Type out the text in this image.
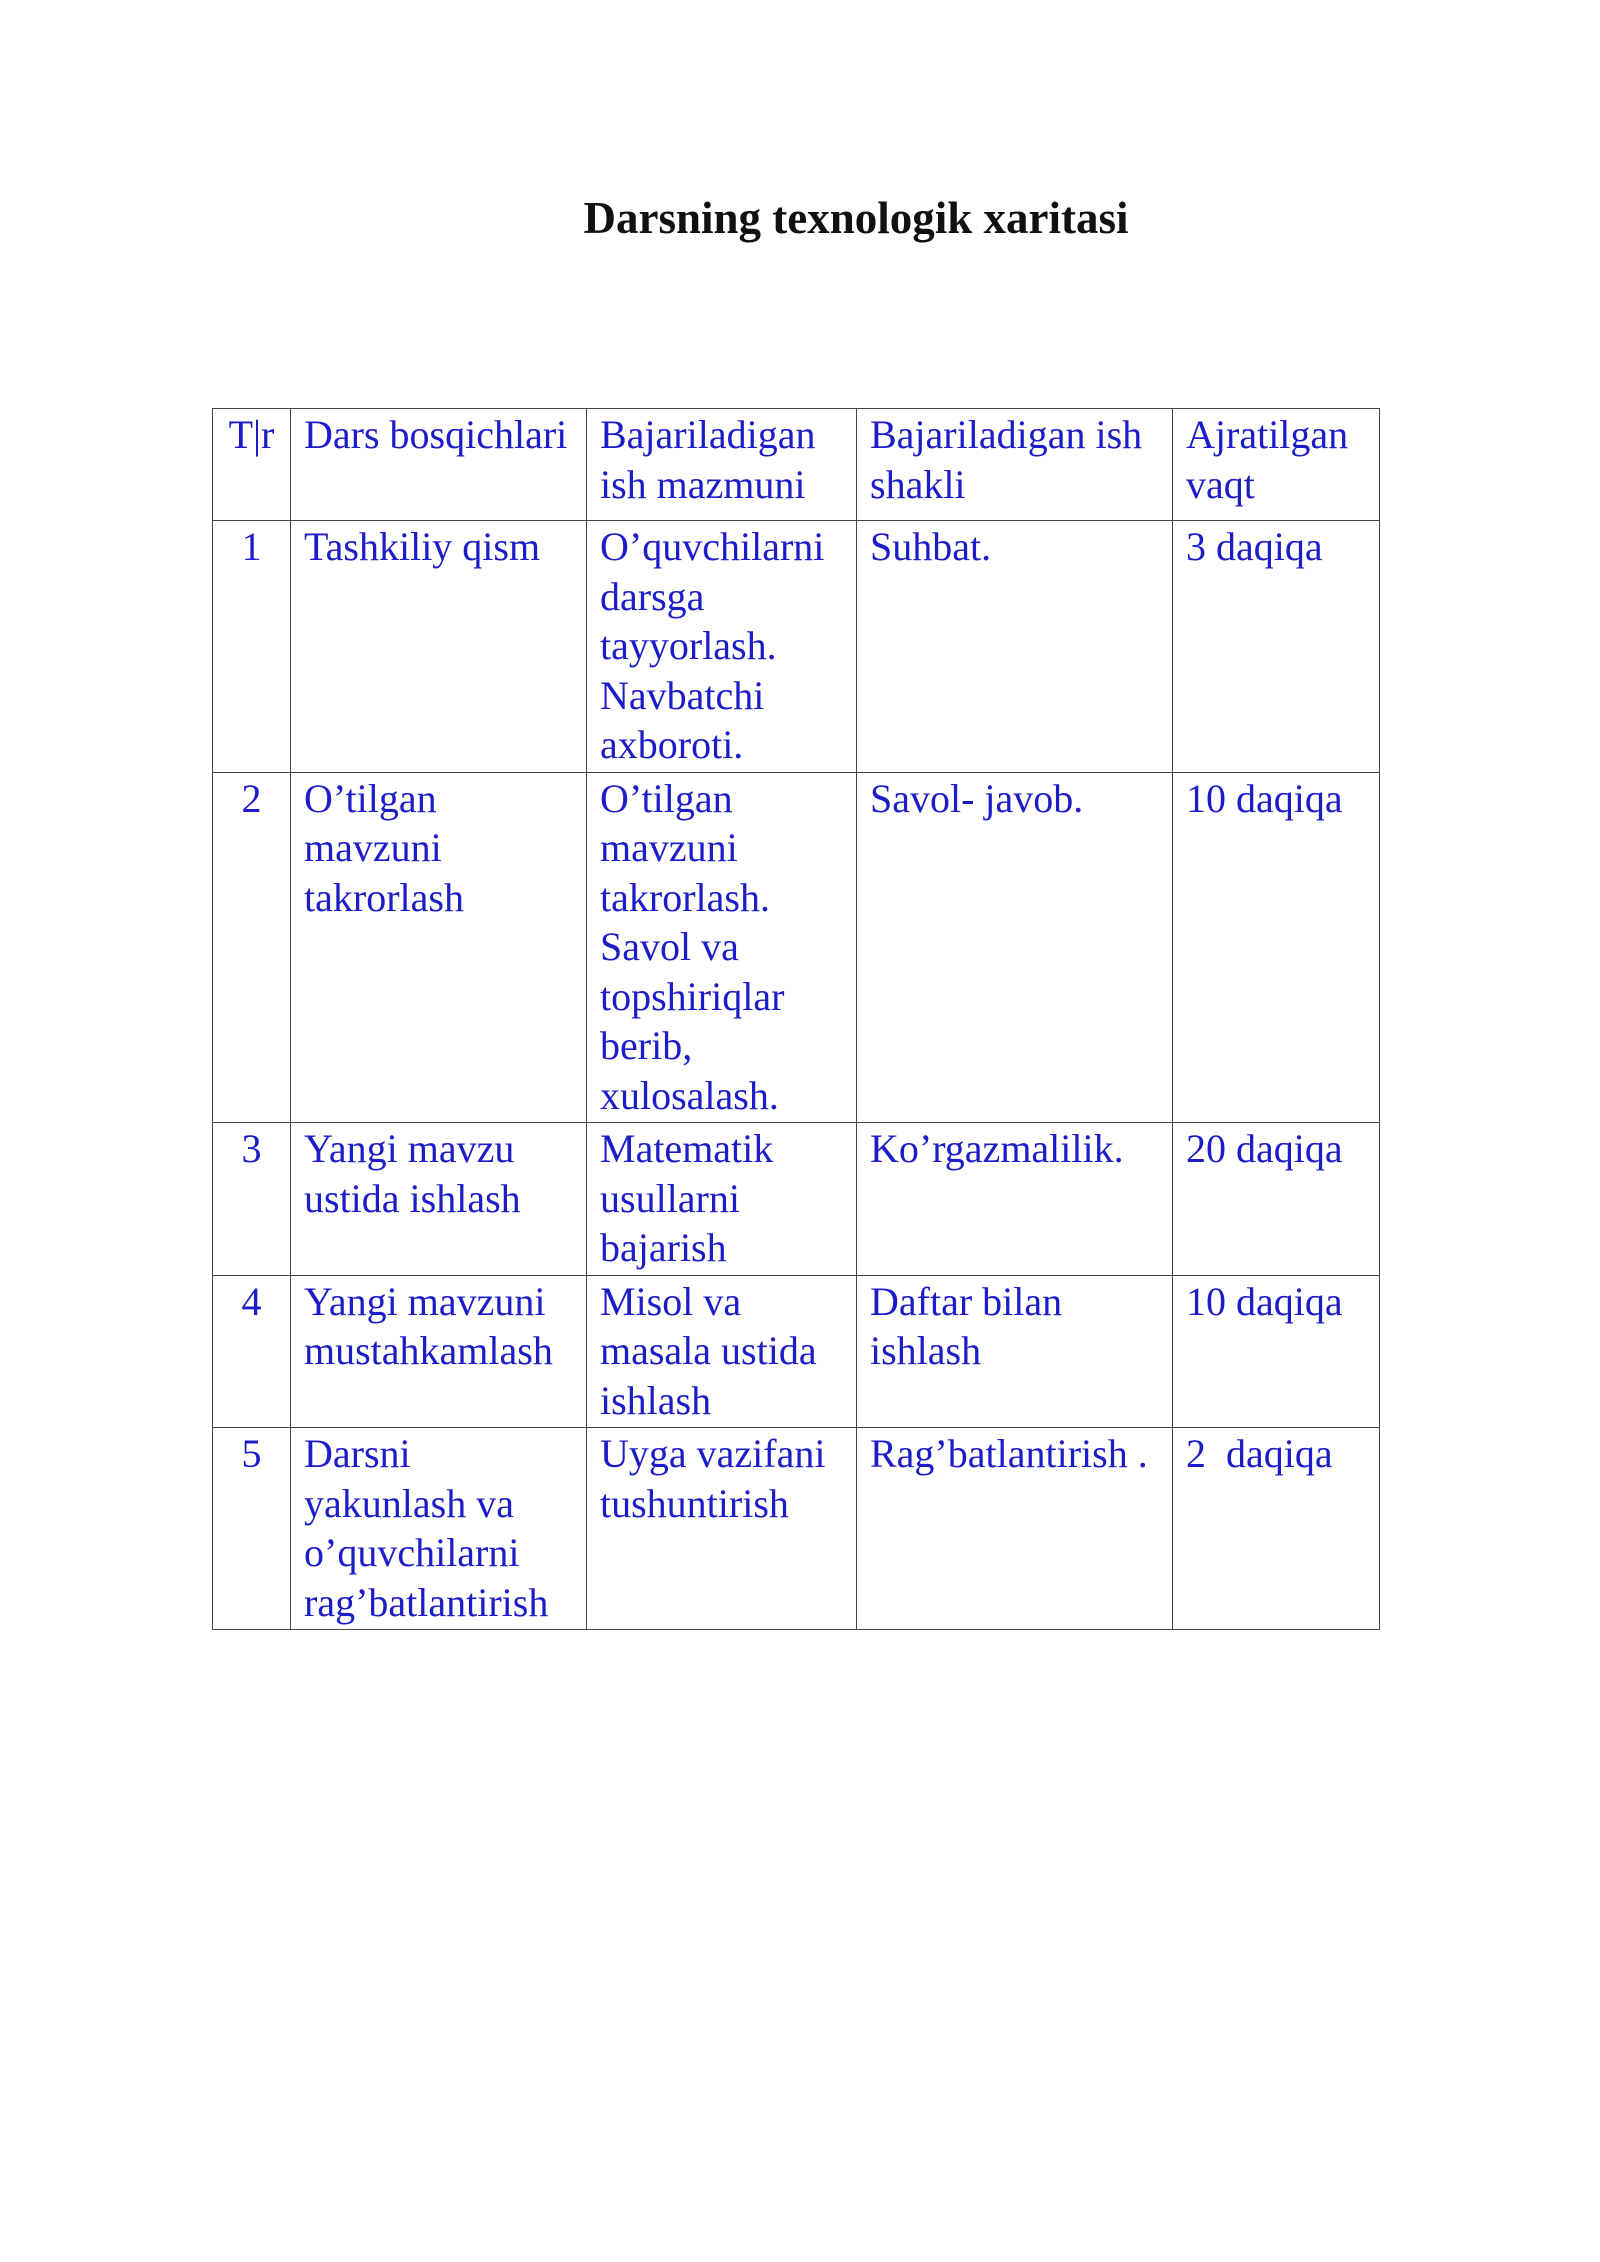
Darsning texnologik xaritasi
T|r	Dars bosqichlari	Bajariladigan ish mazmuni	Bajariladigan ish shakli	Ajratilgan vaqt
1	Tashkiliy qism	O’quvchilarni darsga tayyorlash. Navbatchi axboroti.	Suhbat.	3 daqiqa
2	O’tilgan mavzuni takrorlash	O’tilgan mavzuni takrorlash. Savol va topshiriqlar berib, xulosalash.	Savol- javob.	10 daqiqa
3	Yangi mavzu ustida ishlash	Matematik usullarni bajarish	Ko’rgazmalilik.	20 daqiqa
4	Yangi mavzuni mustahkamlash	Misol va masala ustida ishlash	Daftar bilan ishlash	10 daqiqa
5	Darsni yakunlash va o’quvchilarni rag’batlantirish	Uyga vazifani tushuntirish	Rag’batlantirish .	2  daqiqa
